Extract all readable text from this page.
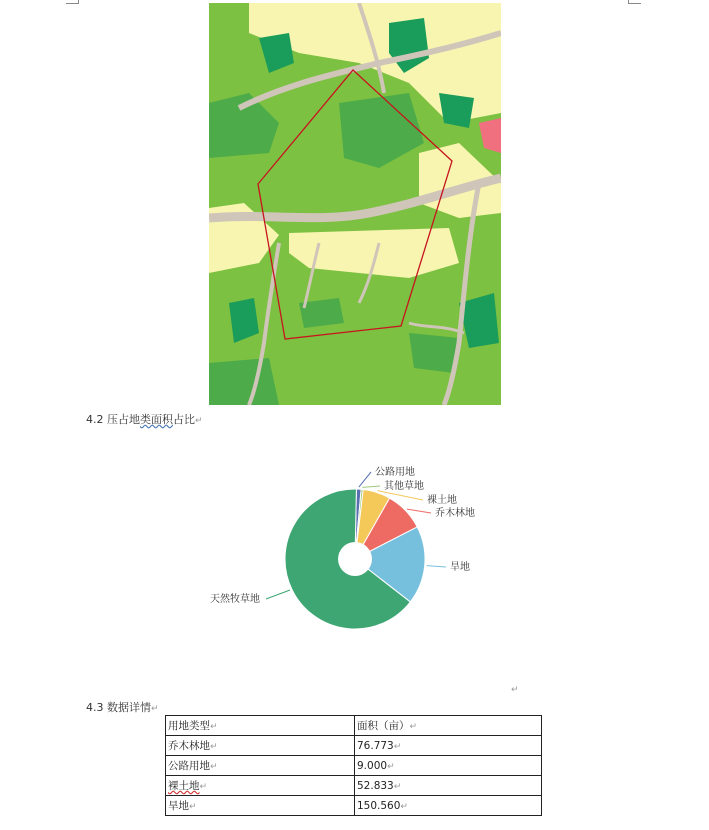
4.2 压占地类面积占比↵
公路用地
其他草地
裸土地
乔木林地
旱地
天然牧草地
↵
4.3 数据详情↵
用地类型↵	面积（亩）↵
乔木林地↵	76.773↵
公路用地↵	9.000↵
裸土地↵	52.833↵
旱地↵	150.560↵
